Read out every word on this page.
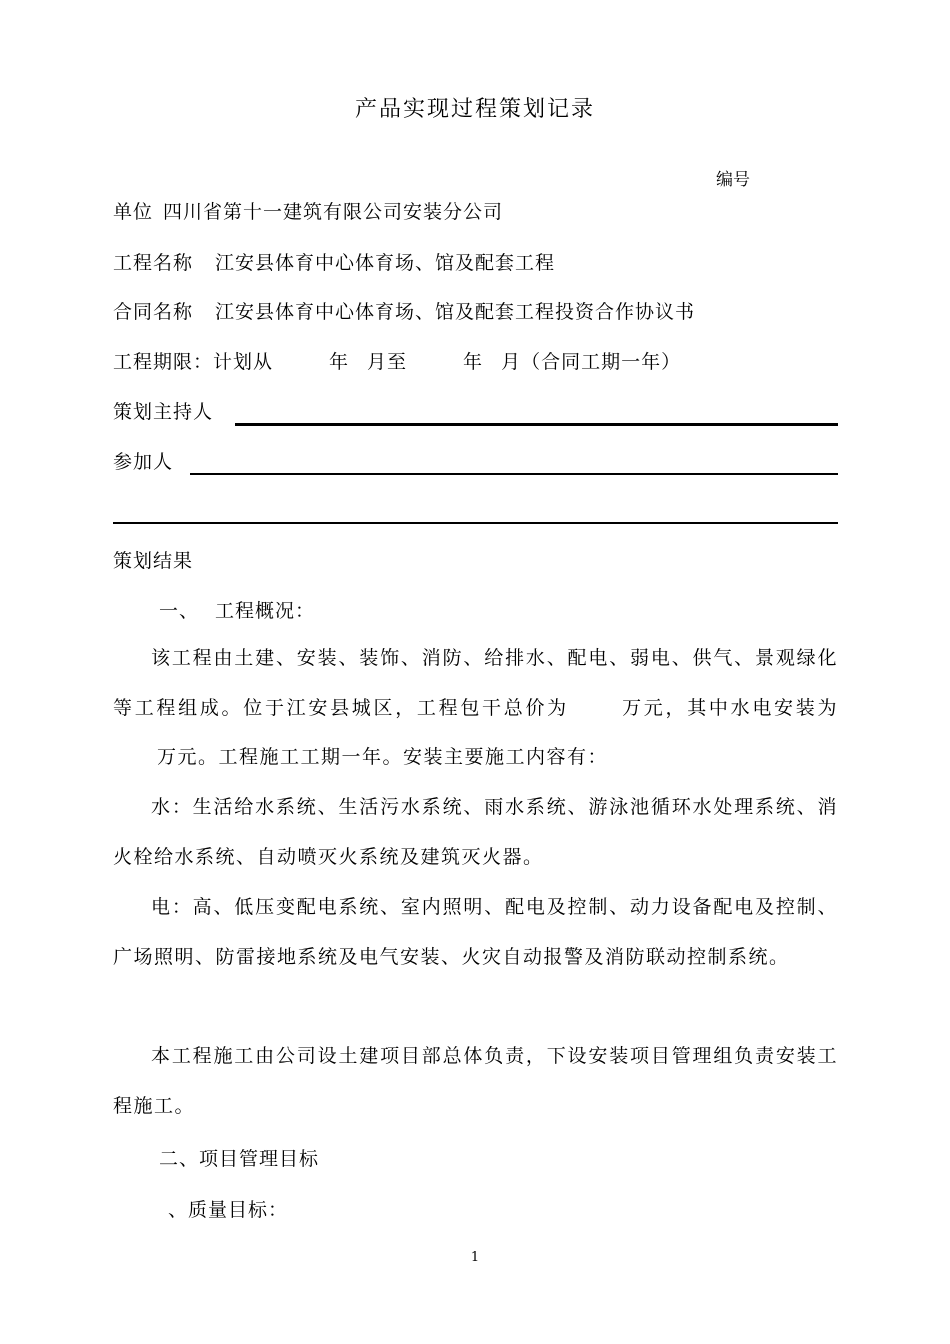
产品实现过程策划记录
编号
单位 四川省第十一建筑有限公司安装分公司
工程名称 江安县体育中心体育场、馆及配套工程
合同名称 江安县体育中心体育场、馆及配套工程投资合作协议书
工程期限：计划从	年 月至	年 月（合同工期一年）
策划主持人
参加人
策划结果
一、 工程概况：
该工程由土建、安装、装饰、消防、给排水、配电、弱电、供气、景观绿化等工程组成。位于江安县城区，工程包干总价为	万元，其中水电安装为万元。工程施工工期一年。安装主要施工内容有：
水：生活给水系统、生活污水系统、雨水系统、游泳池循环水处理系统、消火栓给水系统、自动喷灭火系统及建筑灭火器。
电：高、低压变配电系统、室内照明、配电及控制、动力设备配电及控制、广场照明、防雷接地系统及电气安装、火灾自动报警及消防联动控制系统。
本工程施工由公司设土建项目部总体负责，下设安装项目管理组负责安装工程施工。
二、项目管理目标
、质量目标：
1
